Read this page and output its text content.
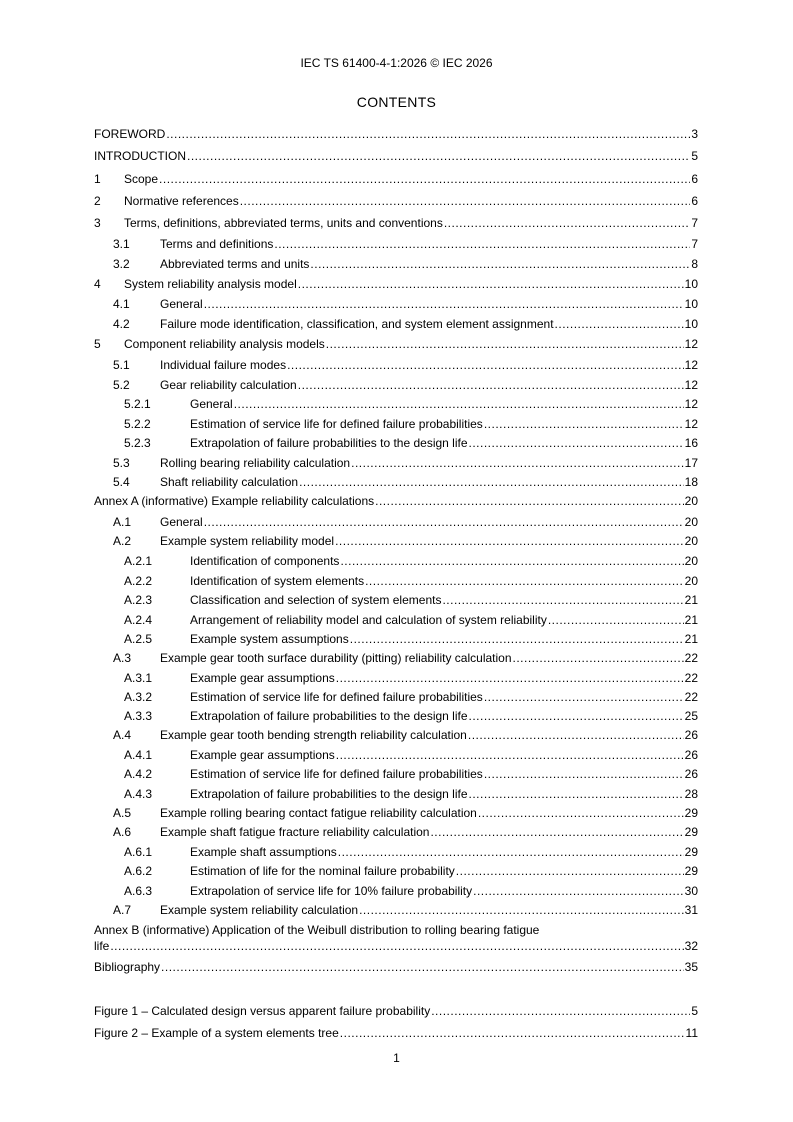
IEC TS 61400-4-1:2026 © IEC 2026
CONTENTS
Annex B (informative) Application of the Weibull distribution to rolling bearing fatigue
life .....	32
Bibliography .....	35
Figure 1 – Calculated design versus apparent failure probability .....	5
Figure 2 – Example of a system elements tree .....	11
FOREWORD .....	3
INTRODUCTION .....	5
1 Scope .....	6
2 Normative references .....	6
3 Terms, definitions, abbreviated terms, units and conventions .....	7
3.1	Terms and definitions .....	7
3.2	Abbreviated terms and units .....	8
4 System reliability analysis model .....	10
4.1	General .....	10
4.2	Failure mode identification, classification, and system element assignment .....	10
5 Component reliability analysis models .....	12
5.1	Individual failure modes .....	12
5.2	Gear reliability calculation .....	12
5.2.1	General .....	12
5.2.2	Estimation of service life for defined failure probabilities .....	12
5.2.3	Extrapolation of failure probabilities to the design life .....	16
5.3	Rolling bearing reliability calculation .....	17
5.4	Shaft reliability calculation .....	18
Annex A (informative) Example reliability calculations .....	20
A.1 General .....	20
A.2 Example system reliability model .....	20
A.2.1	Identification of components .....	20
A.2.2	Identification of system elements .....	20
A.2.3	Classification and selection of system elements .....	21
A.2.4	Arrangement of reliability model and calculation of system reliability .....	21
A.2.5	Example system assumptions .....	21
A.3 Example gear tooth surface durability (pitting) reliability calculation .....	22
A.3.1	Example gear assumptions .....	22
A.3.2	Estimation of service life for defined failure probabilities .....	22
A.3.3	Extrapolation of failure probabilities to the design life .....	25
A.4 Example gear tooth bending strength reliability calculation .....	26
A.4.1	Example gear assumptions .....	26
A.4.2	Estimation of service life for defined failure probabilities .....	26
A.4.3	Extrapolation of failure probabilities to the design life .....	28
A.5 Example rolling bearing contact fatigue reliability calculation .....	29
A.6 Example shaft fatigue fracture reliability calculation .....	29
A.6.1	Example shaft assumptions .....	29
A.6.2	Estimation of life for the nominal failure probability .....	29
A.6.3	Extrapolation of service life for 10% failure probability .....	30
A.7 Example system reliability calculation .....	31
1
